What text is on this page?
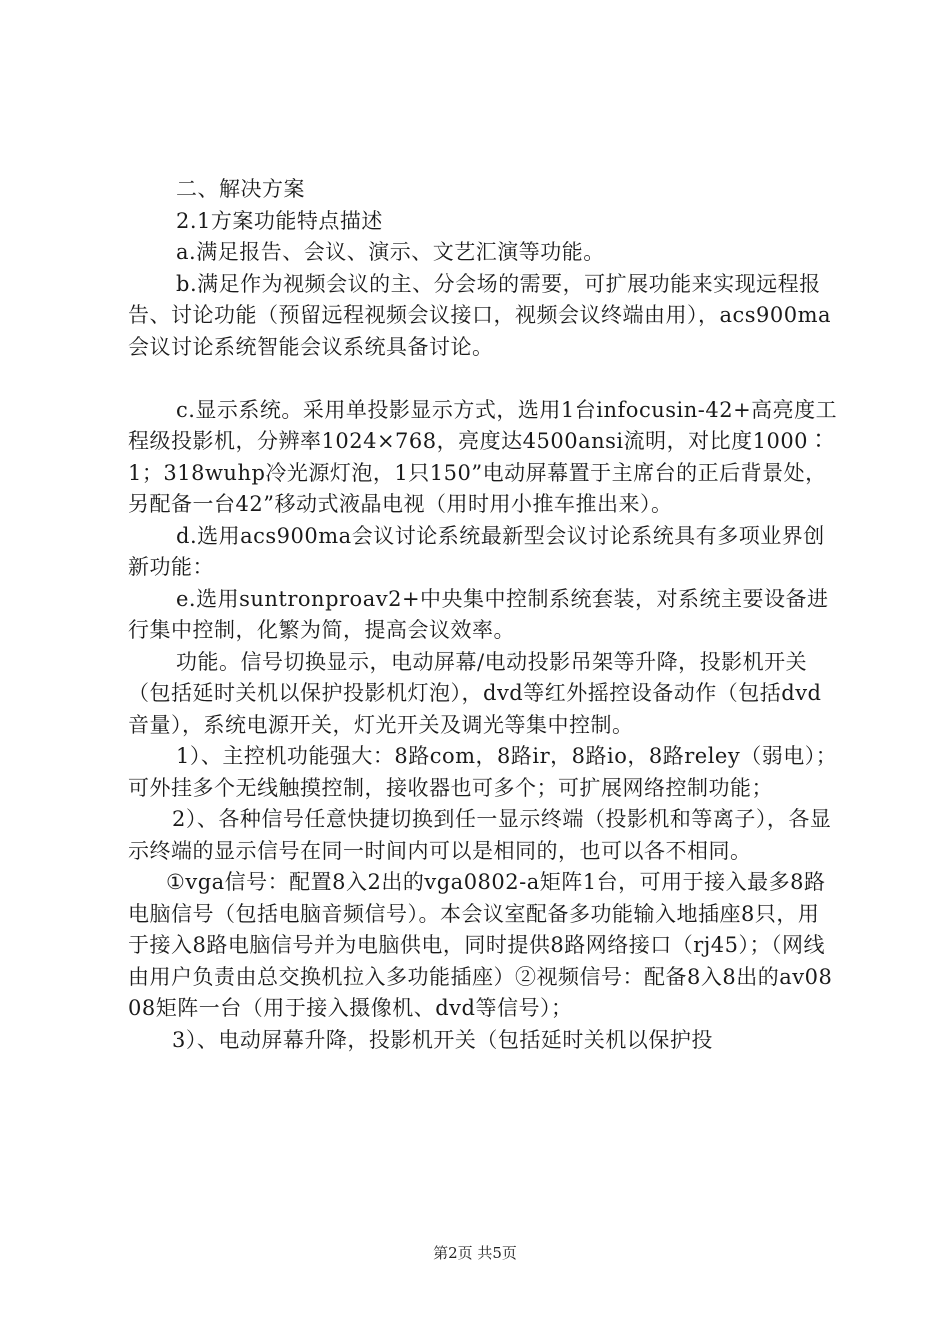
二、解决方案

2.1方案功能特点描述

a.满足报告、会议、演示、文艺汇演等功能。

b.满足作为视频会议的主、分会场的需要，可扩展功能来实现远程报告、讨论功能（预留远程视频会议接口，视频会议终端由用），acs900ma会议讨论系统智能会议系统具备讨论。

c.显示系统。采用单投影显示方式，选用1台infocusin-42+高亮度工程级投影机，分辨率1024×768，亮度达4500ansi流明，对比度1000∶1；318wuhp冷光源灯泡，1只150”电动屏幕置于主席台的正后背景处，另配备一台42”移动式液晶电视（用时用小推车推出来）。

d.选用acs900ma会议讨论系统最新型会议讨论系统具有多项业界创新功能：

e.选用suntronproav2+中央集中控制系统套装，对系统主要设备进行集中控制，化繁为简，提高会议效率。

功能。信号切换显示，电动屏幕/电动投影吊架等升降，投影机开关（包括延时关机以保护投影机灯泡），dvd等红外摇控设备动作（包括dvd音量），系统电源开关，灯光开关及调光等集中控制。

1）、主控机功能强大：8路com，8路ir，8路io，8路reley（弱电）；可外挂多个无线触摸控制，接收器也可多个；可扩展网络控制功能；

2）、各种信号任意快捷切换到任一显示终端（投影机和等离子），各显示终端的显示信号在同一时间内可以是相同的，也可以各不相同。

①vga信号：配置8入2出的vga0802-a矩阵1台，可用于接入最多8路电脑信号（包括电脑音频信号）。本会议室配备多功能输入地插座8只，用于接入8路电脑信号并为电脑供电，同时提供8路网络接口（rj45）；（网线由用户负责由总交换机拉入多功能插座）②视频信号：配备8入8出的av0808矩阵一台（用于接入摄像机、dvd等信号）；

3）、电动屏幕升降，投影机开关（包括延时关机以保护投

第2页 共5页
